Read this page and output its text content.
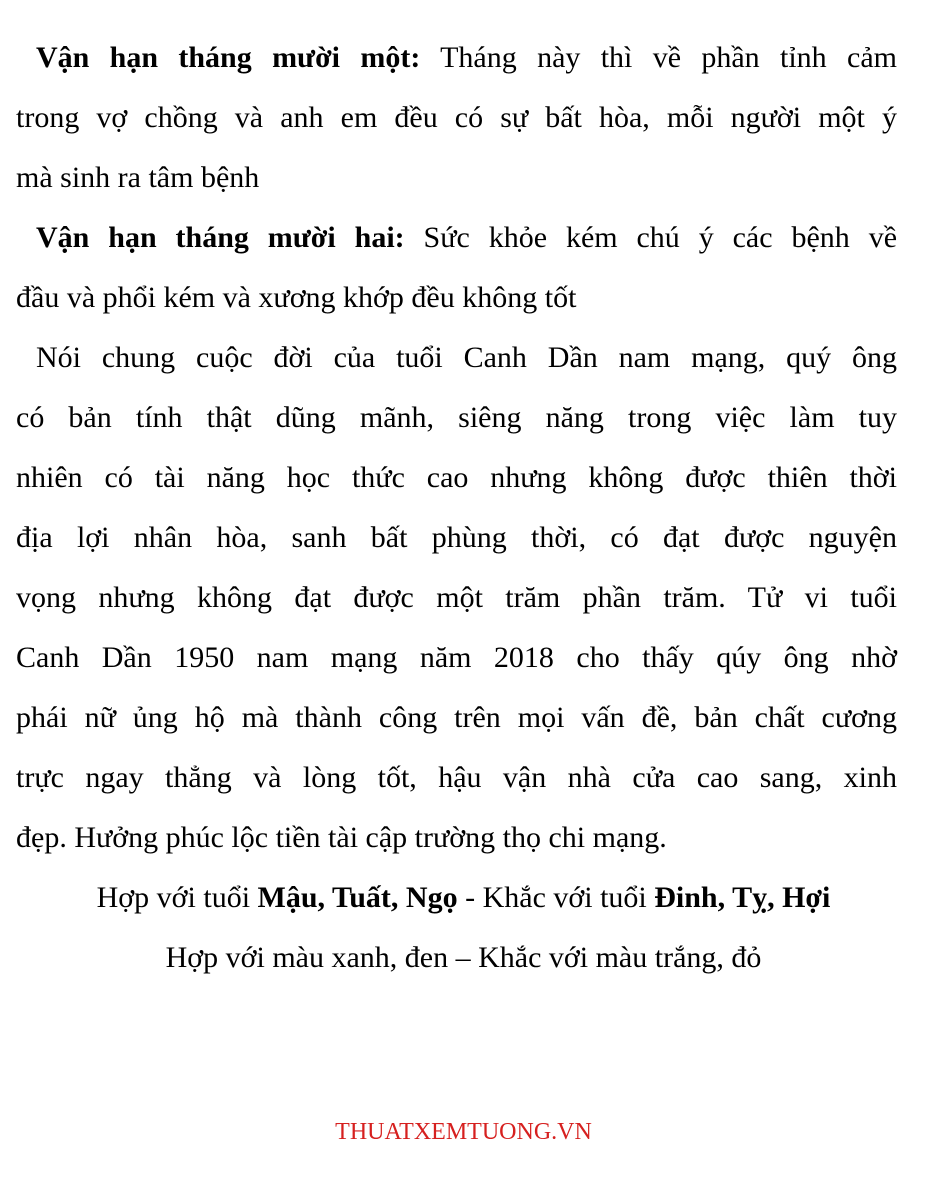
Vận hạn tháng mười một: Tháng này thì về phần tỉnh cảm
trong vợ chồng và anh em đều có sự bất hòa, mỗi người một ý
mà sinh ra tâm bệnh
Vận hạn tháng mười hai: Sức khỏe kém chú ý các bệnh về
đầu và phổi kém và xương khớp đều không tốt
Nói chung cuộc đời của tuổi Canh Dần nam mạng, quý ông
có bản tính thật dũng mãnh, siêng năng trong việc làm tuy
nhiên có tài năng học thức cao nhưng không được thiên thời
địa lợi nhân hòa, sanh bất phùng thời, có đạt được nguyện
vọng nhưng không đạt được một trăm phần trăm. Tử vi tuổi
Canh Dần 1950 nam mạng năm 2018 cho thấy qúy ông nhờ
phái nữ ủng hộ mà thành công trên mọi vấn đề, bản chất cương
trực ngay thẳng và lòng tốt, hậu vận nhà cửa cao sang, xinh
đẹp. Hưởng phúc lộc tiền tài cập trường thọ chi mạng.
Hợp với tuổi Mậu, Tuất, Ngọ - Khắc với tuổi Đinh, Tỵ, Hợi
Hợp với màu xanh, đen – Khắc với màu trắng, đỏ
THUATXEMTUONG.VN
